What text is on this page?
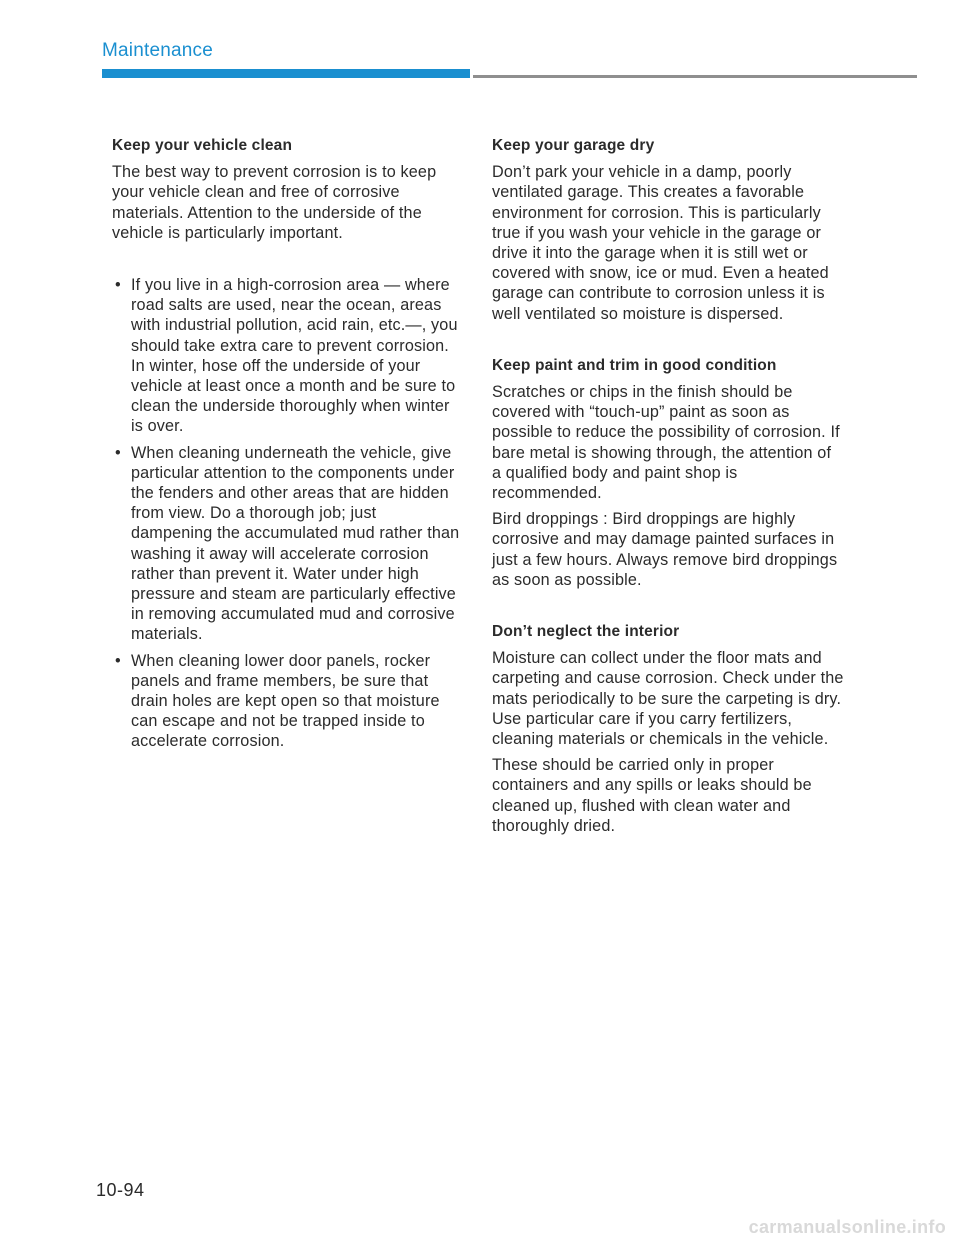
Maintenance
Keep your vehicle clean

The best way to prevent corrosion is to keep your vehicle clean and free of corrosive materials. Attention to the underside of the vehicle is particularly important.

• If you live in a high-corrosion area — where road salts are used, near the ocean, areas with industrial pollution, acid rain, etc.—, you should take extra care to prevent corrosion. In winter, hose off the underside of your vehicle at least once a month and be sure to clean the underside thoroughly when winter is over.
• When cleaning underneath the vehicle, give particular attention to the components under the fenders and other areas that are hidden from view. Do a thorough job; just dampening the accumulated mud rather than washing it away will accelerate corrosion rather than prevent it. Water under high pressure and steam are particularly effective in removing accumulated mud and corrosive materials.
• When cleaning lower door panels, rocker panels and frame members, be sure that drain holes are kept open so that moisture can escape and not be trapped inside to accelerate corrosion.
Keep your garage dry

Don’t park your vehicle in a damp, poorly ventilated garage. This creates a favorable environment for corrosion. This is particularly true if you wash your vehicle in the garage or drive it into the garage when it is still wet or covered with snow, ice or mud. Even a heated garage can contribute to corrosion unless it is well ventilated so moisture is dispersed.

Keep paint and trim in good condition

Scratches or chips in the finish should be covered with “touch-up” paint as soon as possible to reduce the possibility of corrosion. If bare metal is showing through, the attention of a qualified body and paint shop is recommended.

Bird droppings : Bird droppings are highly corrosive and may damage painted surfaces in just a few hours. Always remove bird droppings as soon as possible.

Don’t neglect the interior

Moisture can collect under the floor mats and carpeting and cause corrosion. Check under the mats periodically to be sure the carpeting is dry. Use particular care if you carry fertilizers, cleaning materials or chemicals in the vehicle.

These should be carried only in proper containers and any spills or leaks should be cleaned up, flushed with clean water and thoroughly dried.

10-94
carmanualsonline.info
